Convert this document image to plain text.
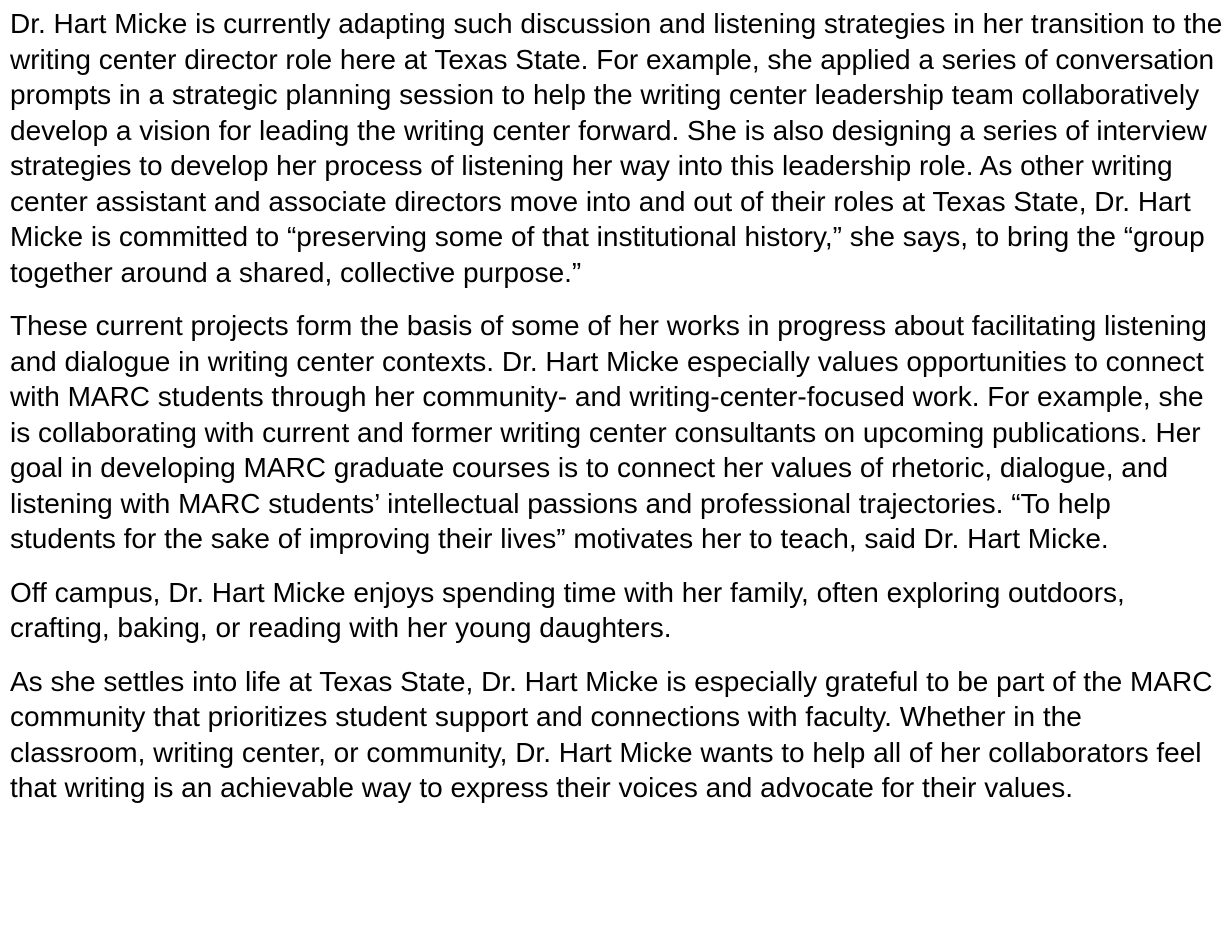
Dr. Hart Micke is currently adapting such discussion and listening strategies in her transition to the writing center director role here at Texas State. For example, she applied a series of conversation prompts in a strategic planning session to help the writing center leadership team collaboratively develop a vision for leading the writing center forward. She is also designing a series of interview strategies to develop her process of listening her way into this leadership role. As other writing center assistant and associate directors move into and out of their roles at Texas State, Dr. Hart Micke is committed to “preserving some of that institutional history,” she says, to bring the “group together around a shared, collective purpose.”

These current projects form the basis of some of her works in progress about facilitating listening and dialogue in writing center contexts. Dr. Hart Micke especially values opportunities to connect with MARC students through her community- and writing-center-focused work. For example, she is collaborating with current and former writing center consultants on upcoming publications. Her goal in developing MARC graduate courses is to connect her values of rhetoric, dialogue, and listening with MARC students’ intellectual passions and professional trajectories. “To help students for the sake of improving their lives” motivates her to teach, said Dr. Hart Micke.

Off campus, Dr. Hart Micke enjoys spending time with her family, often exploring outdoors, crafting, baking, or reading with her young daughters.

As she settles into life at Texas State, Dr. Hart Micke is especially grateful to be part of the MARC community that prioritizes student support and connections with faculty. Whether in the classroom, writing center, or community, Dr. Hart Micke wants to help all of her collaborators feel that writing is an achievable way to express their voices and advocate for their values.
